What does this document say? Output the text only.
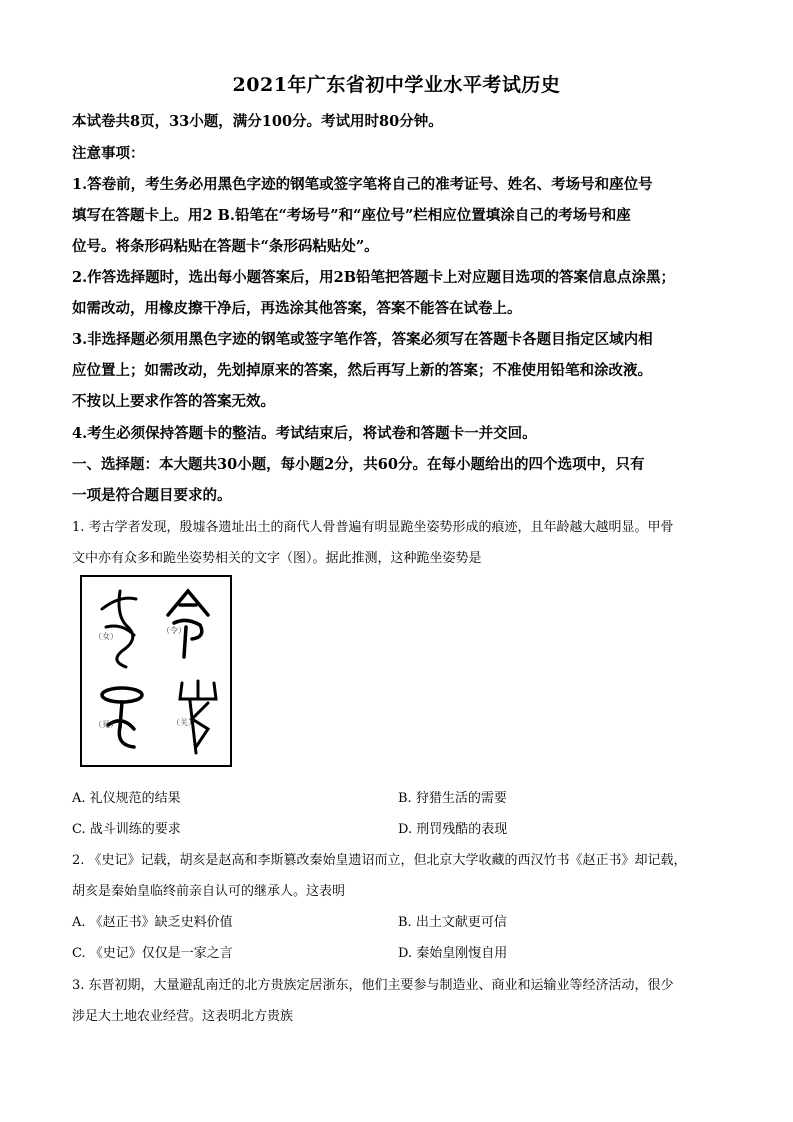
2021年广东省初中学业水平考试历史
本试卷共8页，33小题，满分100分。考试用时80分钟。
注意事项：
1.答卷前，考生务必用黑色字迹的钢笔或签字笔将自己的准考证号、姓名、考场号和座位号
填写在答题卡上。用2 B.铅笔在“考场号”和“座位号”栏相应位置填涂自己的考场号和座
位号。将条形码粘贴在答题卡“条形码粘贴处”。
2.作答选择题时，选出每小题答案后，用2B铅笔把答题卡上对应题目选项的答案信息点涂黑；
如需改动，用橡皮擦干净后，再选涂其他答案，答案不能答在试卷上。
3.非选择题必须用黑色字迹的钢笔或签字笔作答，答案必须写在答题卡各题目指定区域内相
应位置上；如需改动，先划掉原来的答案，然后再写上新的答案；不准使用铅笔和涂改液。
不按以上要求作答的答案无效。
4.考生必须保持答题卡的整洁。考试结束后，将试卷和答题卡一并交回。
一、选择题：本大题共30小题，每小题2分，共60分。在每小题给出的四个选项中，只有
一项是符合题目要求的。
1. 考古学者发现，殷墟各遗址出土的商代人骨普遍有明显跪坐姿势形成的痕迹，且年龄越大越明显。甲骨
文中亦有众多和跪坐姿势相关的文字（图）。据此推测，这种跪坐姿势是
（女）
（令）
（見）	（关）
A. 礼仪规范的结果	B. 狩猎生活的需要
C. 战斗训练的要求	D. 刑罚残酷的表现
2. 《史记》记载，胡亥是赵高和李斯篡改秦始皇遗诏而立，但北京大学收藏的西汉竹书《赵正书》却记载，
胡亥是秦始皇临终前亲自认可的继承人。这表明
A. 《赵正书》缺乏史料价值	B. 出土文献更可信
C. 《史记》仅仅是一家之言	D. 秦始皇刚愎自用
3. 东晋初期，大量避乱南迁的北方贵族定居浙东，他们主要参与制造业、商业和运输业等经济活动，很少
涉足大土地农业经营。这表明北方贵族
